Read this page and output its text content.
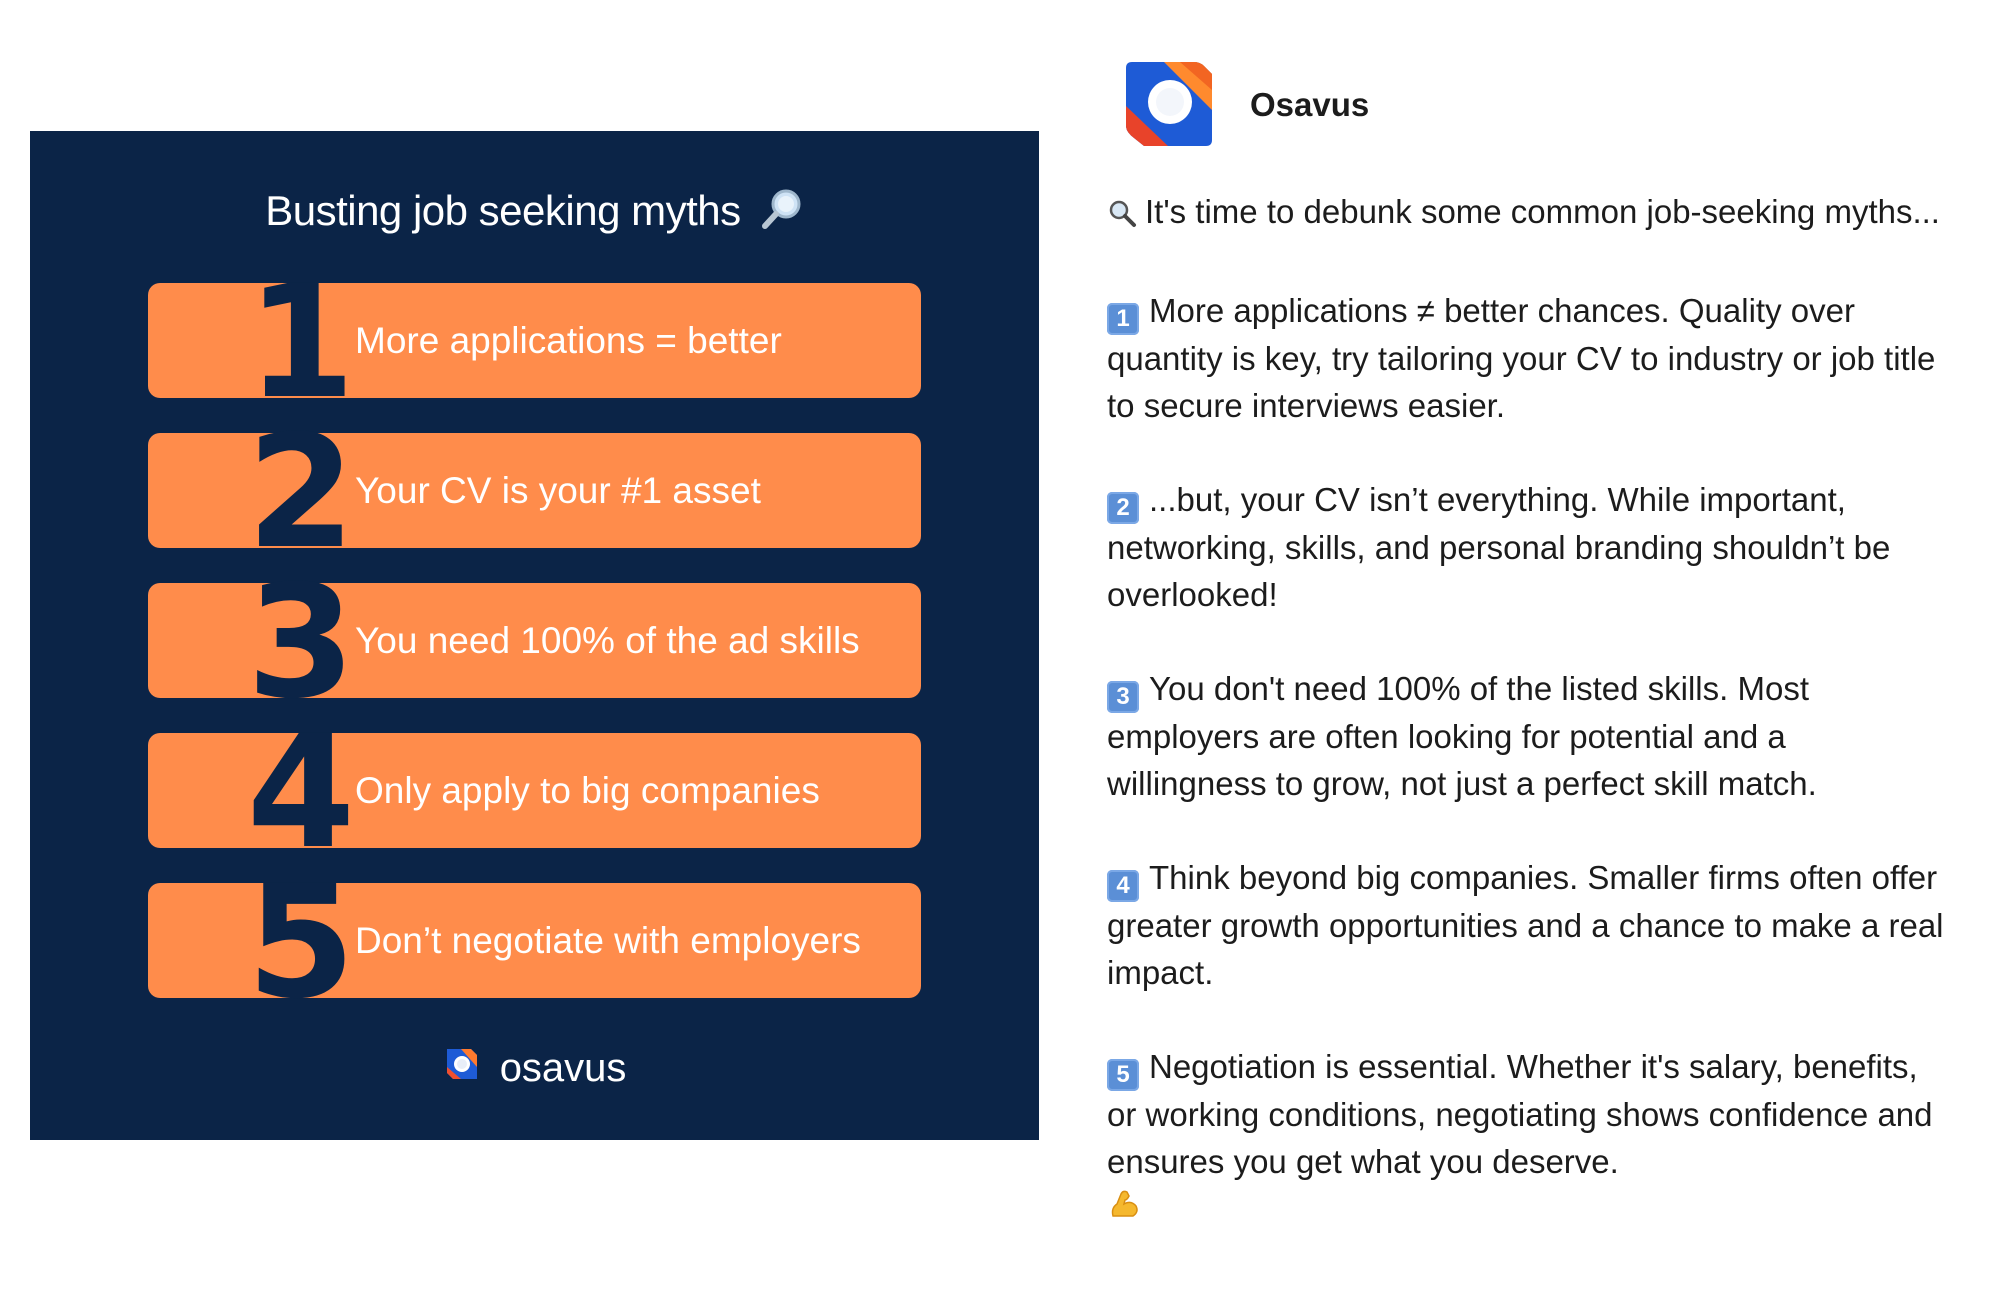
Busting job seeking myths
1 More applications = better
2 Your CV is your #1 asset
3 You need 100% of the ad skills
4 Only apply to big companies
5 Don’t negotiate with employers
osavus
Osavus

It's time to debunk some common job-seeking myths...

1 More applications ≠ better chances. Quality over quantity is key, try tailoring your CV to industry or job title to secure interviews easier.

2 ...but, your CV isn’t everything. While important, networking, skills, and personal branding shouldn’t be overlooked!

3 You don't need 100% of the listed skills. Most employers are often looking for potential and a willingness to grow, not just a perfect skill match.

4 Think beyond big companies. Smaller firms often offer greater growth opportunities and a chance to make a real impact.

5 Negotiation is essential. Whether it's salary, benefits, or working conditions, negotiating shows confidence and ensures you get what you deserve.
